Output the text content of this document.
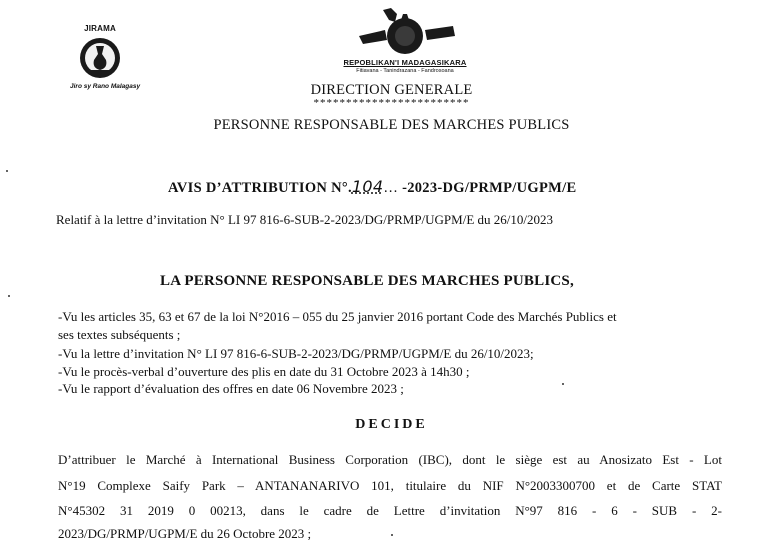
JIRAMA
Jiro sy Rano Malagasy
REPOBLIKAN'I MADAGASIKARA
Fitiavana - Tanindrazana - Fandrosoana
DIRECTION GENERALE
************************
PERSONNE RESPONSABLE DES MARCHES PUBLICS
AVIS D’ATTRIBUTION N°.104… -2023-DG/PRMP/UGPM/E
Relatif à la lettre d’invitation N° LI 97 816-6-SUB-2-2023/DG/PRMP/UGPM/E du 26/10/2023
LA PERSONNE RESPONSABLE DES MARCHES PUBLICS,
-Vu les articles 35, 63 et 67 de la loi N°2016 – 055 du 25 janvier 2016 portant Code des Marchés Publics et
ses textes subséquents ;
-Vu la lettre d’invitation N° LI 97 816-6-SUB-2-2023/DG/PRMP/UGPM/E du 26/10/2023;
-Vu le procès-verbal d’ouverture des plis en date du 31 Octobre 2023 à 14h30 ;
-Vu le rapport d’évaluation des offres en date 06 Novembre 2023 ;
DECIDE
D’attribuer le Marché à International Business Corporation (IBC), dont le siège est au Anosizato Est - Lot
N°19 Complexe Saify Park – ANTANANARIVO 101, titulaire du NIF N°2003300700 et de Carte STAT
N°45302 31 2019 0 00213, dans le cadre de Lettre d’invitation N°97 816 - 6 - SUB - 2-
2023/DG/PRMP/UGPM/E du 26 Octobre 2023 ;
